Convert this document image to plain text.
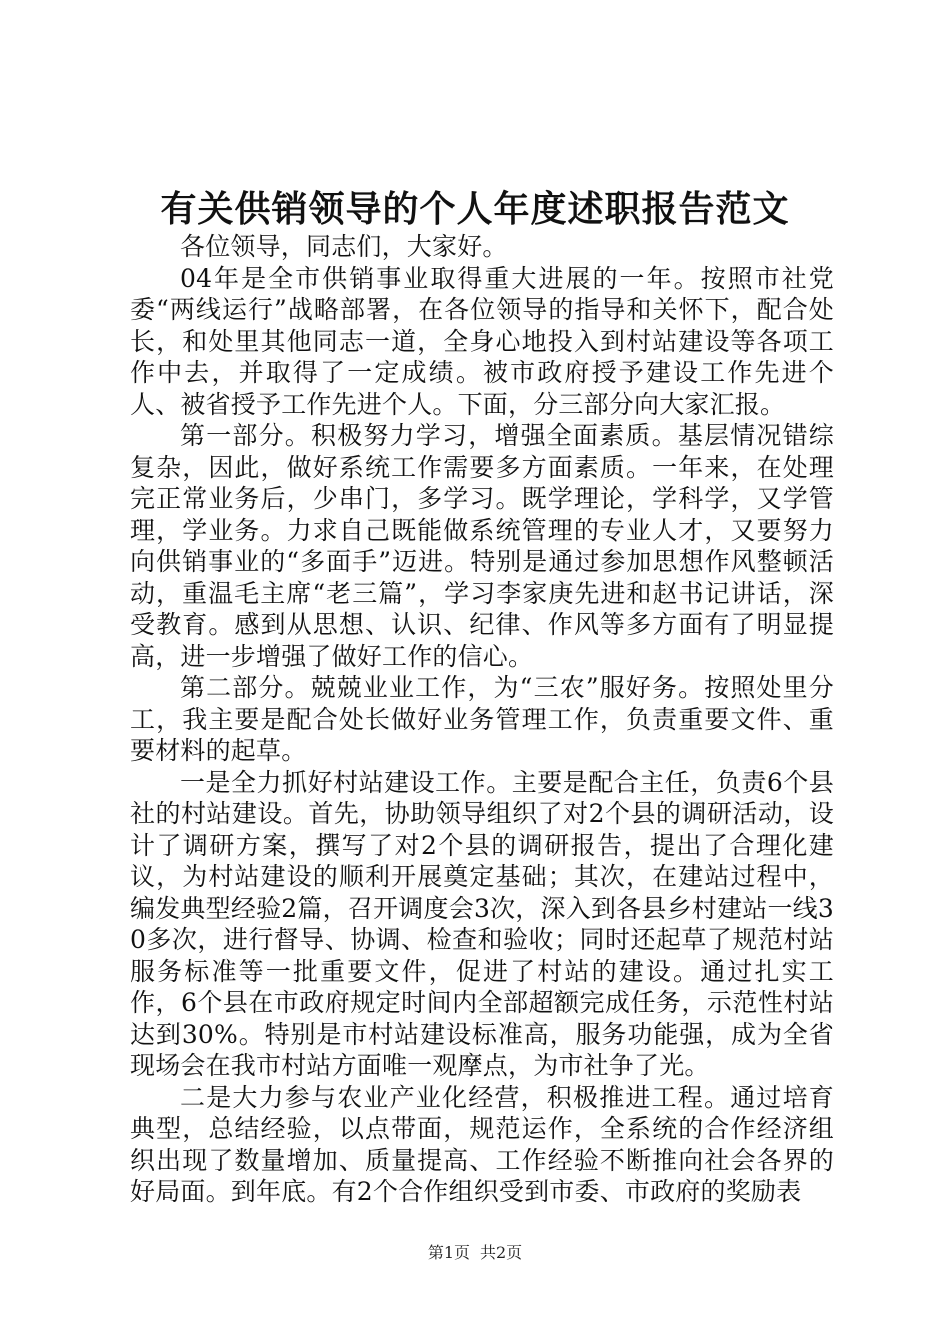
有关供销领导的个人年度述职报告范文

各位领导，同志们，大家好。

04年是全市供销事业取得重大进展的一年。按照市社党委“两线运行”战略部署，在各位领导的指导和关怀下，配合处长，和处里其他同志一道，全身心地投入到村站建设等各项工作中去，并取得了一定成绩。被市政府授予建设工作先进个人、被省授予工作先进个人。下面，分三部分向大家汇报。

第一部分。积极努力学习，增强全面素质。基层情况错综复杂，因此，做好系统工作需要多方面素质。一年来，在处理完正常业务后，少串门，多学习。既学理论，学科学，又学管理，学业务。力求自己既能做系统管理的专业人才，又要努力向供销事业的“多面手”迈进。特别是通过参加思想作风整顿活动，重温毛主席“老三篇”，学习李家庚先进和赵书记讲话，深受教育。感到从思想、认识、纪律、作风等多方面有了明显提高，进一步增强了做好工作的信心。

第二部分。兢兢业业工作，为“三农”服好务。按照处里分工，我主要是配合处长做好业务管理工作，负责重要文件、重要材料的起草。

一是全力抓好村站建设工作。主要是配合主任，负责6个县社的村站建设。首先，协助领导组织了对2个县的调研活动，设计了调研方案，撰写了对2个县的调研报告，提出了合理化建议，为村站建设的顺利开展奠定基础；其次，在建站过程中，编发典型经验2篇，召开调度会3次，深入到各县乡村建站一线30多次，进行督导、协调、检查和验收；同时还起草了规范村站服务标准等一批重要文件，促进了村站的建设。通过扎实工作，6个县在市政府规定时间内全部超额完成任务，示范性村站达到30%。特别是市村站建设标准高，服务功能强，成为全省现场会在我市村站方面唯一观摩点，为市社争了光。

二是大力参与农业产业化经营，积极推进工程。通过培育典型，总结经验，以点带面，规范运作，全系统的合作经济组织出现了数量增加、质量提高、工作经验不断推向社会各界的好局面。到年底。有2个合作组织受到市委、市政府的奖励表

第1页 共2页
